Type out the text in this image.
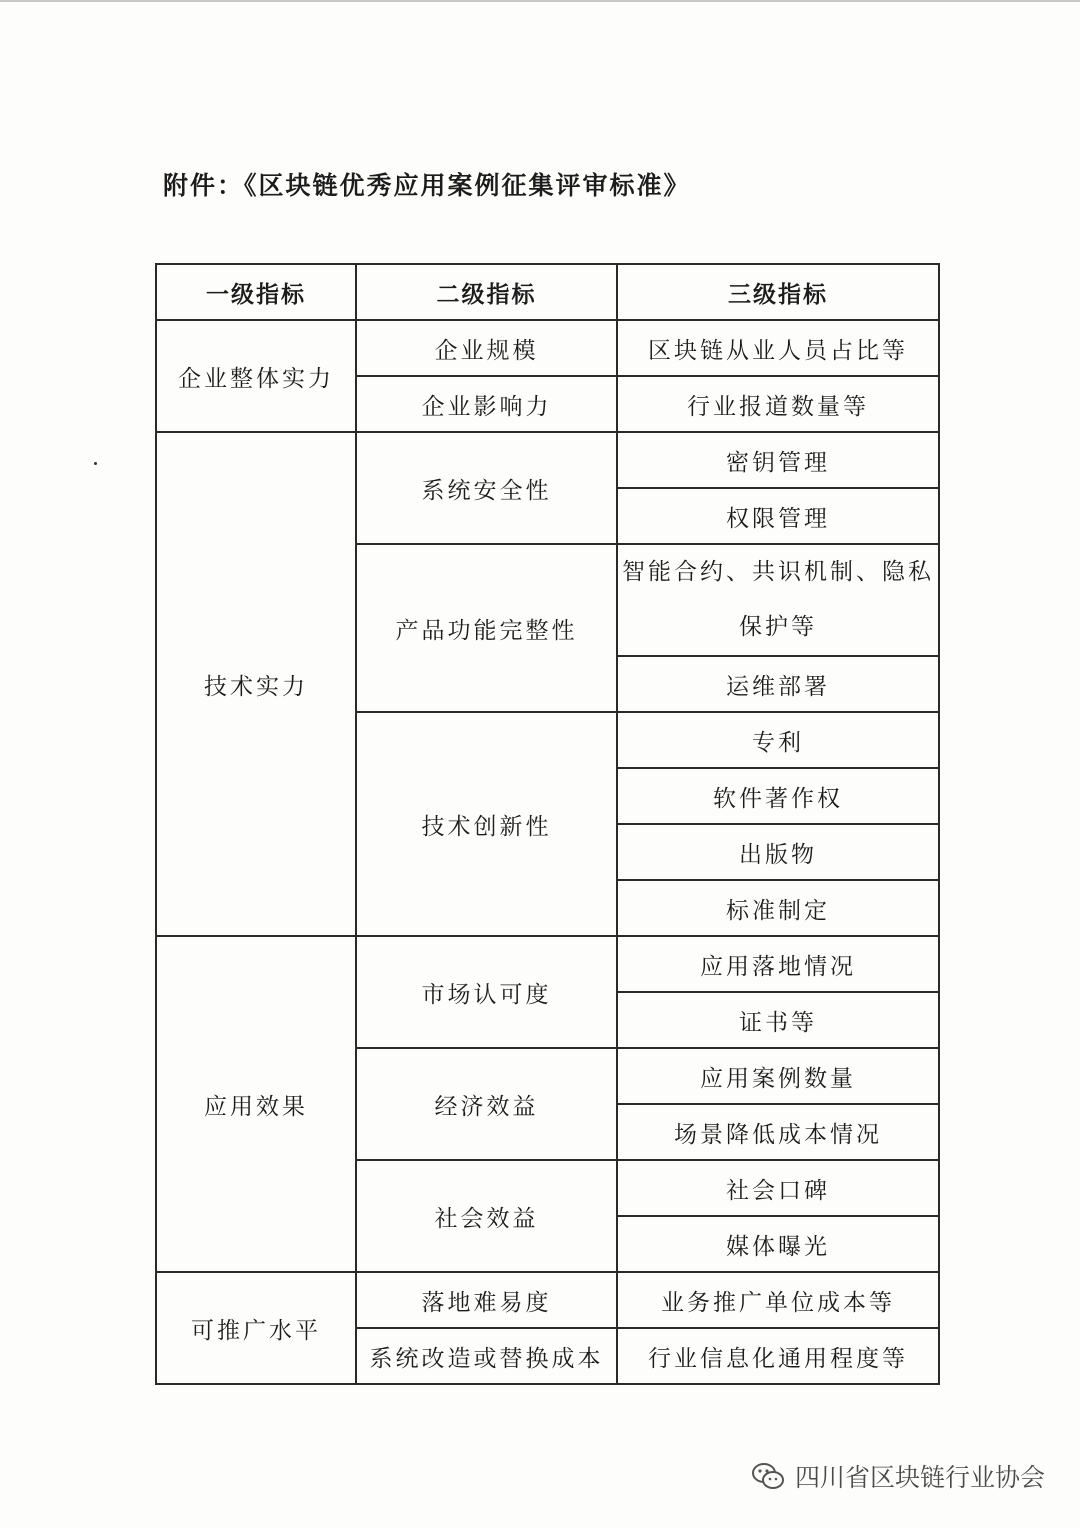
附件：《区块链优秀应用案例征集评审标准》
一级指标	二级指标	三级指标
企业整体实力	企业规模	区块链从业人员占比等
	企业影响力	行业报道数量等
技术实力	系统安全性	密钥管理
		权限管理
	产品功能完整性	智能合约、共识机制、隐私保护等
		运维部署
	技术创新性	专利
		软件著作权
		出版物
		标准制定
应用效果	市场认可度	应用落地情况
		证书等
	经济效益	应用案例数量
		场景降低成本情况
	社会效益	社会口碑
		媒体曝光
可推广水平	落地难易度	业务推广单位成本等
	系统改造或替换成本	行业信息化通用程度等
四川省区块链行业协会
